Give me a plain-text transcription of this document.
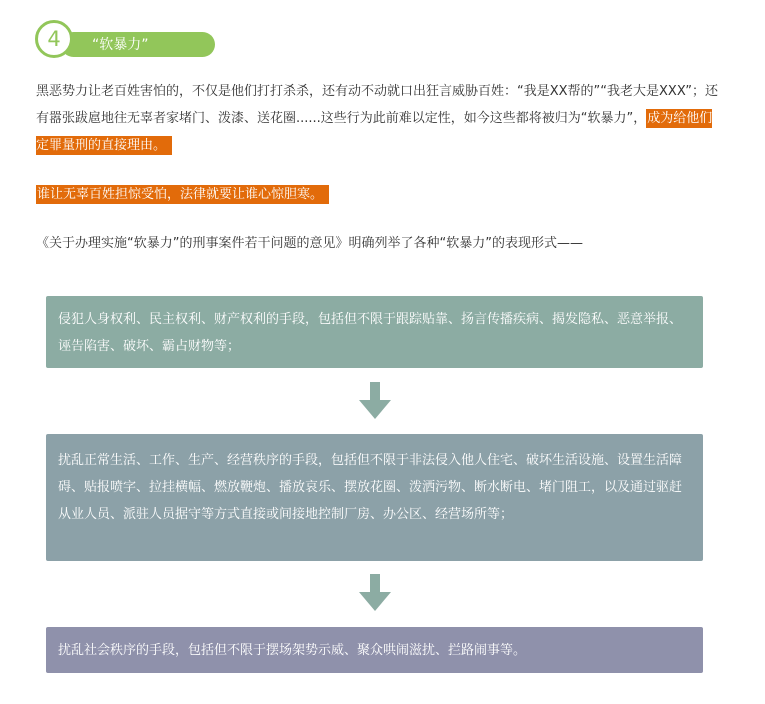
“软暴力”
4

黑恶势力让老百姓害怕的，不仅是他们打打杀杀，还有动不动就口出狂言威胁百姓：“我是XX帮的”“我老大是XXX”；还有嚣张跋扈地往无辜者家堵门、泼漆、送花圈......这些行为此前难以定性，如今这些都将被归为“软暴力”，成为给他们定罪量刑的直接理由。

谁让无辜百姓担惊受怕，法律就要让谁心惊胆寒。
《关于办理实施“软暴力”的刑事案件若干问题的意见》明确列举了各种“软暴力”的表现形式——
侵犯人身权利、民主权利、财产权利的手段，包括但不限于跟踪贴靠、扬言传播疾病、揭发隐私、恶意举报、诬告陷害、破坏、霸占财物等；
扰乱正常生活、工作、生产、经营秩序的手段，包括但不限于非法侵入他人住宅、破坏生活设施、设置生活障碍、贴报喷字、拉挂横幅、燃放鞭炮、播放哀乐、摆放花圈、泼洒污物、断水断电、堵门阻工，以及通过驱赶从业人员、派驻人员据守等方式直接或间接地控制厂房、办公区、经营场所等；
扰乱社会秩序的手段，包括但不限于摆场架势示威、聚众哄闹滋扰、拦路闹事等。
